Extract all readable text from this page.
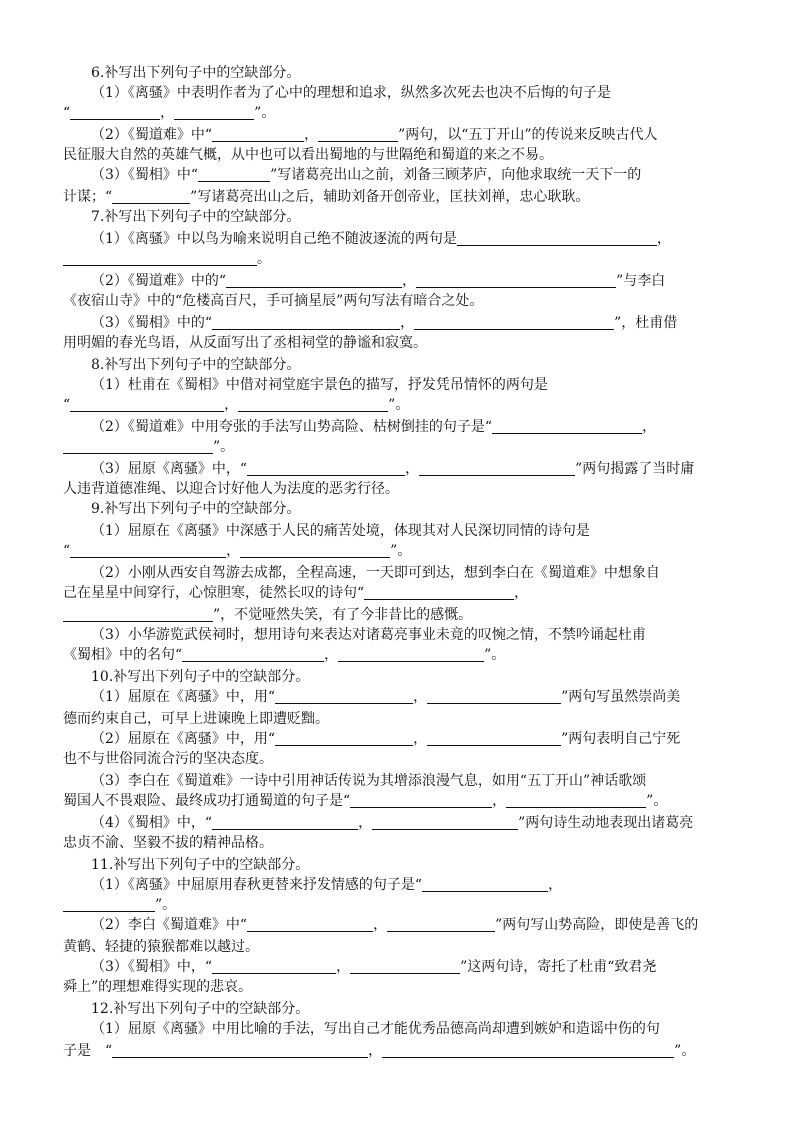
6.补写出下列句子中的空缺部分。
（1）《离骚》中表明作者为了心中的理想和追求，纵然多次死去也决不后悔的句子是
“	，	”。
（2）《蜀道难》中“	，	”两句，以“五丁开山”的传说来反映古代人
民征服大自然的英雄气概，从中也可以看出蜀地的与世隔绝和蜀道的来之不易。
（3）《蜀相》中“	”写诸葛亮出山之前，刘备三顾茅庐，向他求取统一天下一的
计谋；“	”写诸葛亮出山之后，辅助刘备开创帝业，匡扶刘禅，忠心耿耿。
7.补写出下列句子中的空缺部分。
（1）《离骚》中以鸟为喻来说明自己绝不随波逐流的两句是	，
。
（2）《蜀道难》中的“	，	”与李白
《夜宿山寺》中的“危楼高百尺，手可摘星辰”两句写法有暗合之处。
（3）《蜀相》中的“	，	”，杜甫借
用明媚的春光鸟语，从反面写出了丞相祠堂的静谧和寂寞。
8.补写出下列句子中的空缺部分。
（1）杜甫在《蜀相》中借对祠堂庭宇景色的描写，抒发凭吊情怀的两句是
“	，	”。
（2）《蜀道难》中用夸张的手法写山势高险、枯树倒挂的句子是“	，
”。
（3）屈原《离骚》中，“	，	”两句揭露了当时庸
人违背道德准绳、以迎合讨好他人为法度的恶劣行径。
9.补写出下列句子中的空缺部分。
（1）屈原在《离骚》中深感于人民的痛苦处境，体现其对人民深切同情的诗句是
“	，	”。
（2）小刚从西安自驾游去成都，全程高速，一天即可到达，想到李白在《蜀道难》中想象自
己在星星中间穿行，心惊胆寒，徒然长叹的诗句“	，
”，不觉哑然失笑，有了今非昔比的感慨。
（3）小华游览武侯祠时，想用诗句来表达对诸葛亮事业未竟的叹惋之情，不禁吟诵起杜甫
《蜀相》中的名句“	，	”。
10.补写出下列句子中的空缺部分。
（1）屈原在《离骚》中，用“	，	”两句写虽然崇尚美
德而约束自己，可早上进谏晚上即遭贬黜。
（2）屈原在《离骚》中，用“	，	”两句表明自己宁死
也不与世俗同流合污的坚决态度。
（3）李白在《蜀道难》一诗中引用神话传说为其增添浪漫气息，如用“五丁开山”神话歌颂
蜀国人不畏艰险、最终成功打通蜀道的句子是“	，	”。
（4）《蜀相》中，“	，	”两句诗生动地表现出诸葛亮
忠贞不渝、坚毅不拔的精神品格。
11.补写出下列句子中的空缺部分。
（1）《离骚》中屈原用春秋更替来抒发情感的句子是“	，
”。
（2）李白《蜀道难》中“	，	”两句写山势高险，即使是善飞的
黄鹤、轻捷的猿猴都难以越过。
（3）《蜀相》中，“	，	”这两句诗，寄托了杜甫“致君尧
舜上”的理想难得实现的悲哀。
12.补写出下列句子中的空缺部分。
（1）屈原《离骚》中用比喻的手法，写出自己才能优秀品德高尚却遭到嫉妒和造谣中伤的句
子是　“	，	”。
